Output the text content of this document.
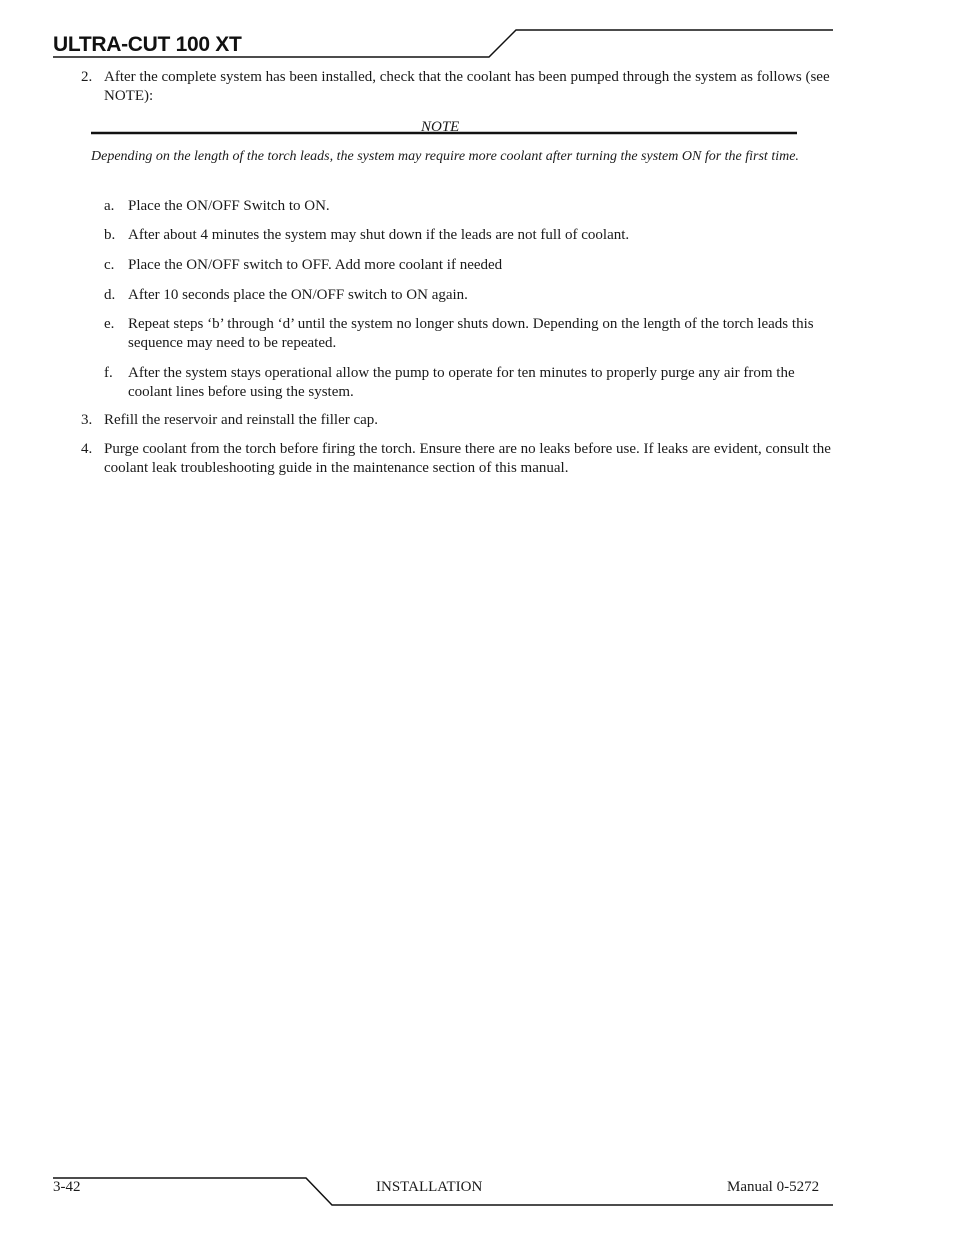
ULTRA-CUT 100 XT
2. After the complete system has been installed, check that the coolant has been pumped through the system as follows (see NOTE):
NOTE
Depending on the length of the torch leads, the system may require more coolant after turning the system ON for the first time.
a. Place the ON/OFF Switch to ON.
b. After about 4 minutes the system may shut down if the leads are not full of coolant.
c. Place the ON/OFF switch to OFF. Add more coolant if needed
d. After 10 seconds place the ON/OFF switch to ON again.
e. Repeat steps ‘b’ through ‘d’ until the system no longer shuts down. Depending on the length of the torch leads this sequence may need to be repeated.
f. After the system stays operational allow the pump to operate for ten minutes to properly purge any air from the coolant lines before using the system.
3. Refill the reservoir and reinstall the filler cap.
4. Purge coolant from the torch before firing the torch. Ensure there are no leaks before use. If leaks are evident, consult the coolant leak troubleshooting guide in the maintenance section of this manual.
3-42	INSTALLATION	Manual 0-5272
